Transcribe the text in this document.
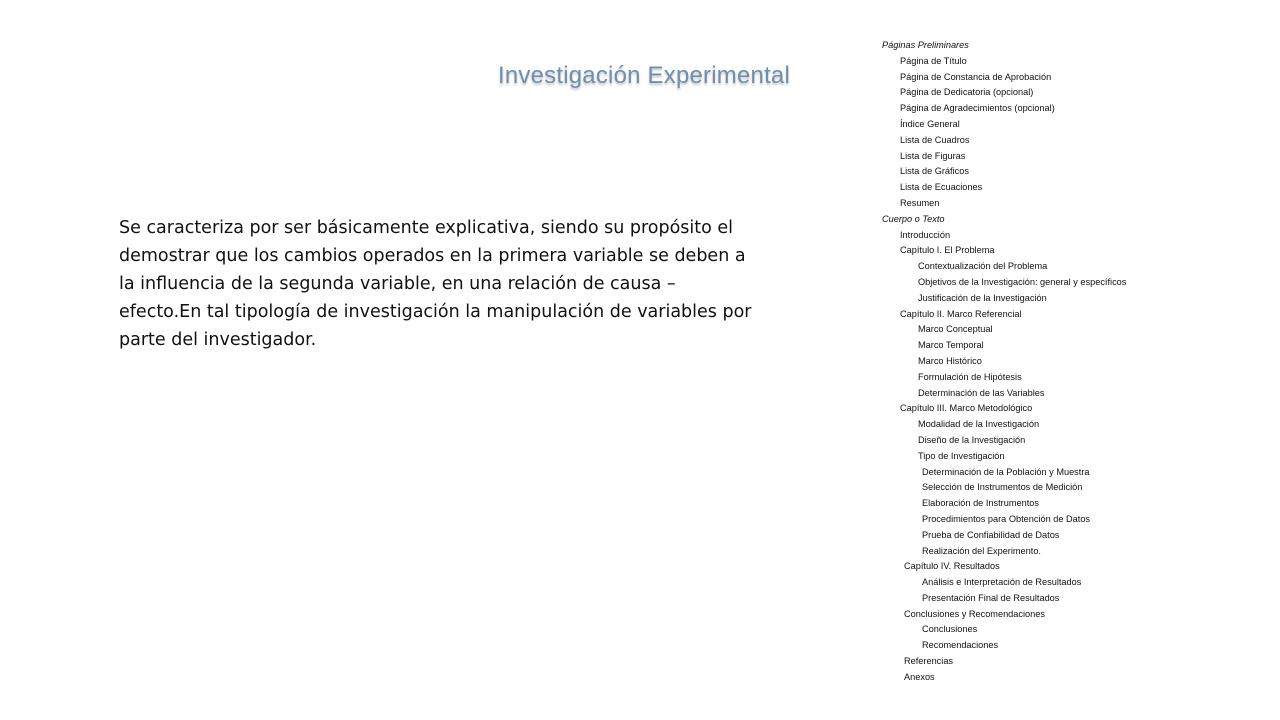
Investigación Experimental
Se caracteriza por ser básicamente explicativa, siendo su propósito el demostrar que los cambios operados en la primera variable se deben a la influencia de la segunda variable, en una relación de causa – efecto.En tal tipología de investigación la manipulación de variables por parte del investigador.
Páginas Preliminares
Página de Título
Página de Constancia de Aprobación
Página de Dedicatoria (opcional)
Página de Agradecimientos (opcional)
Índice General
Lista de Cuadros
Lista de Figuras
Lista de Gráficos
Lista de Ecuaciones
Resumen
Cuerpo o Texto
Introducción
Capítulo I. El Problema
Contextualización del Problema
Objetivos de la Investigación: general y específicos
Justificación de la Investigación
Capítulo II. Marco Referencial
Marco Conceptual
Marco Temporal
Marco Histórico
Formulación de Hipótesis
Determinación de las Variables
Capítulo III. Marco Metodológico
Modalidad de la Investigación
Diseño de la Investigación
Tipo de Investigación
Determinación de la Población y Muestra
Selección de Instrumentos de Medición
Elaboración de Instrumentos
Procedimientos para Obtención de Datos
Prueba de Confiabilidad de Datos
Realización del Experimento.
Capítulo IV. Resultados
Análisis e Interpretación de Resultados
Presentación Final de Resultados
Conclusiones y Recomendaciones
Conclusiones
Recomendaciones
Referencias
Anexos
